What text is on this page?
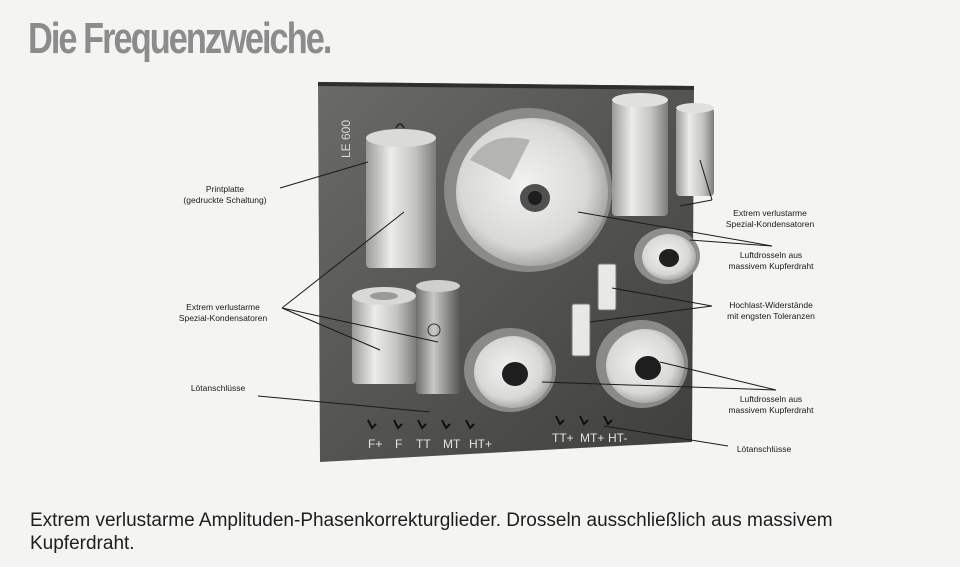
Die Frequenzweiche.
LE 600
F+ F TT MT HT+	TT+ MT+ HT-
Printplatte
(gedruckte Schaltung)
Extrem verlustarme
Spezial-Kondensatoren
Lötanschlüsse
Extrem verlustarme
Spezial-Kondensatoren
Luftdrosseln aus
massivem Kupferdraht
Hochlast-Widerstände
mit engsten Toleranzen
Luftdrosseln aus
massivem Kupferdraht
Lötanschlüsse
Extrem verlustarme Amplituden-Phasenkorrekturglieder. Drosseln ausschließlich aus massivem Kupferdraht.
